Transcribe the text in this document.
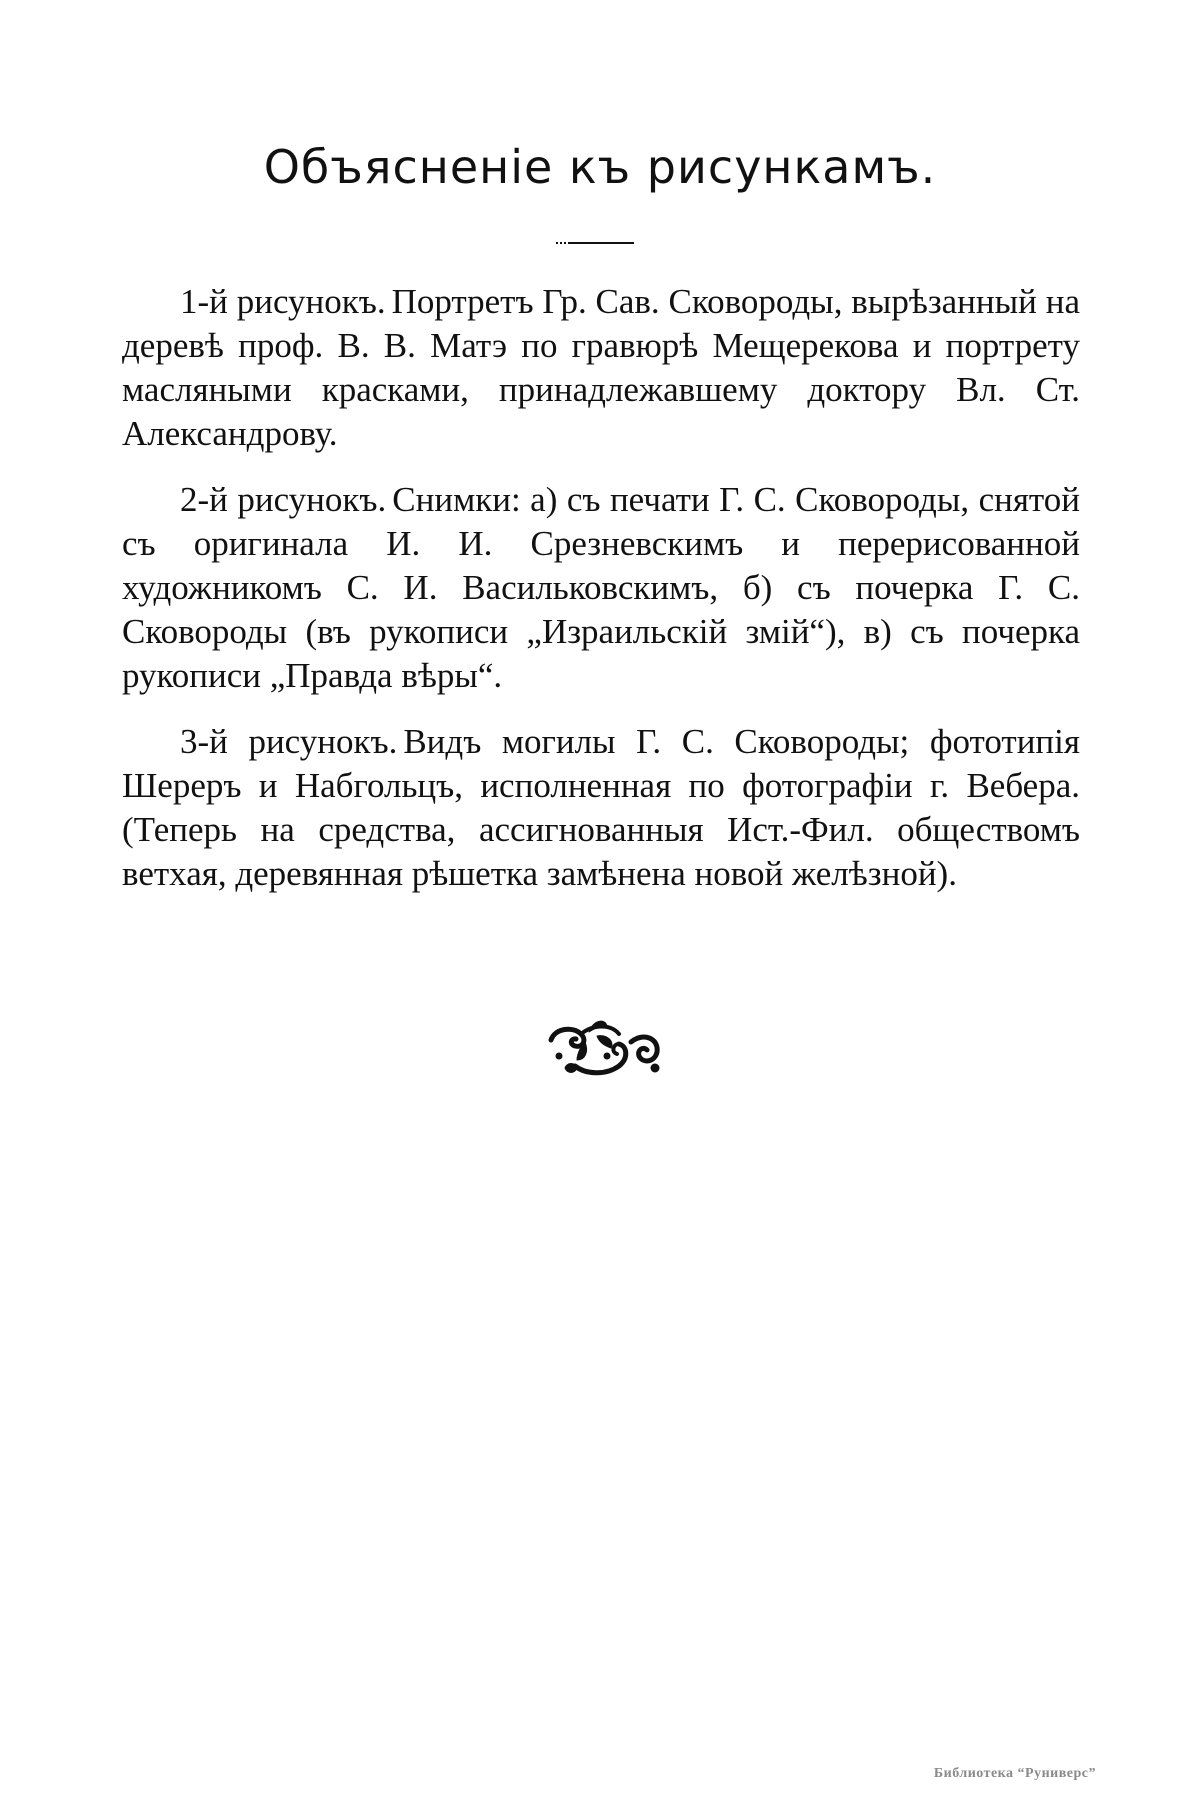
Объясненіе къ рисункамъ.

1-й рисунокъ. Портретъ Гр. Сав. Сковороды, вырѣзанный на деревѣ проф. В. В. Матэ по гравюрѣ Мещерекова и портрету масляными красками, принадлежавшему доктору Вл. Ст. Александрову.

2-й рисунокъ. Снимки: а) съ печати Г. С. Сковороды, снятой съ оригинала И. И. Срезневскимъ и перерисованной художникомъ С. И. Васильковскимъ, б) съ почерка Г. С. Сковороды (въ рукописи „Израильскій змій“), в) съ почерка рукописи „Правда вѣры“.

3-й рисунокъ. Видъ могилы Г. С. Сковороды; фототипія Шереръ и Набгольцъ, исполненная по фотографіи г. Вебера. (Теперь на средства, ассигнованныя Ист.-Фил. обществомъ ветхая, деревянная рѣшетка замѣнена новой желѣзной).

Библиотека “Руниверс”
